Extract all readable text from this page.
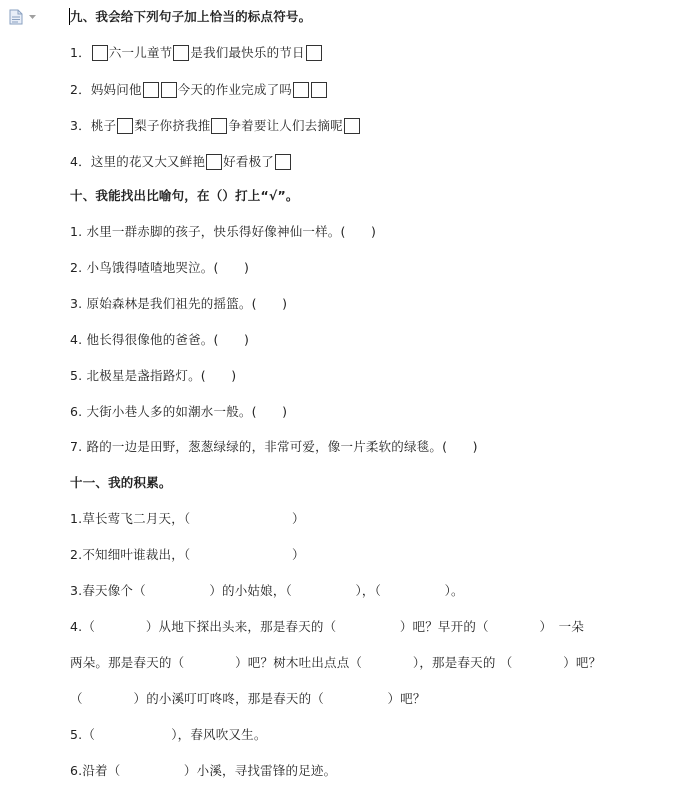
九、我会给下列句子加上恰当的标点符号。
1． 六一儿童节 是我们最快乐的节日
2．妈妈问他	今天的作业完成了吗
3．桃子 梨子你挤我推 争着要让人们去摘呢
4．这里的花又大又鲜艳 好看极了
十、我能找出比喻句，在（）打上“√”。
1. 水里一群赤脚的孩子，快乐得好像神仙一样。(　　)
2. 小鸟饿得喳喳地哭泣。(　　)
3. 原始森林是我们祖先的摇篮。(　　)
4. 他长得很像他的爸爸。(　　)
5. 北极星是盏指路灯。(　　)
6. 大街小巷人多的如潮水一般。(　　)
7. 路的一边是田野，葱葱绿绿的，非常可爱，像一片柔软的绿毯。(　　)
十一、我的积累。
1.草长莺飞二月天，（　　　　　　　　）
2.不知细叶谁裁出，（　　　　　　　　）
3.春天像个（　　　　　）的小姑娘，（　　　　　），（　　　　　）。
4.（　　　　）从地下探出头来，那是春天的（　　　　　）吧？早开的（　　　　）　一朵
两朵。那是春天的（　　　　）吧？树木吐出点点（　　　　），那是春天的 （　　　　）吧？
（　　　　）的小溪叮叮咚咚，那是春天的（　　　　　）吧？
5.（　　　　　　），春风吹又生。
6.沿着（　　　　　）小溪，寻找雷锋的足迹。
